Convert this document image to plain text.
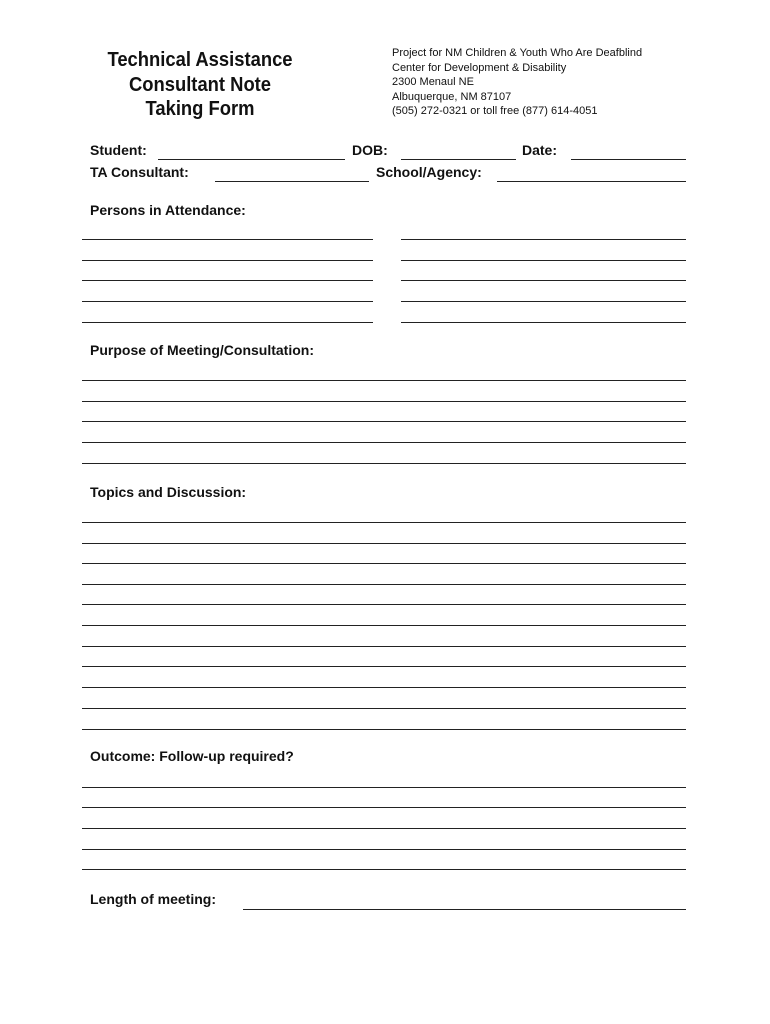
Technical Assistance
Consultant Note
Taking Form
Project for NM Children & Youth Who Are Deafblind
Center for Development & Disability
2300 Menaul NE
Albuquerque, NM 87107
(505) 272-0321 or toll free (877) 614-4051
Student:	DOB:	Date:
TA Consultant:	School/Agency:
Persons in Attendance:
Purpose of Meeting/Consultation:
Topics and Discussion:
Outcome: Follow-up required?
Length of meeting:
